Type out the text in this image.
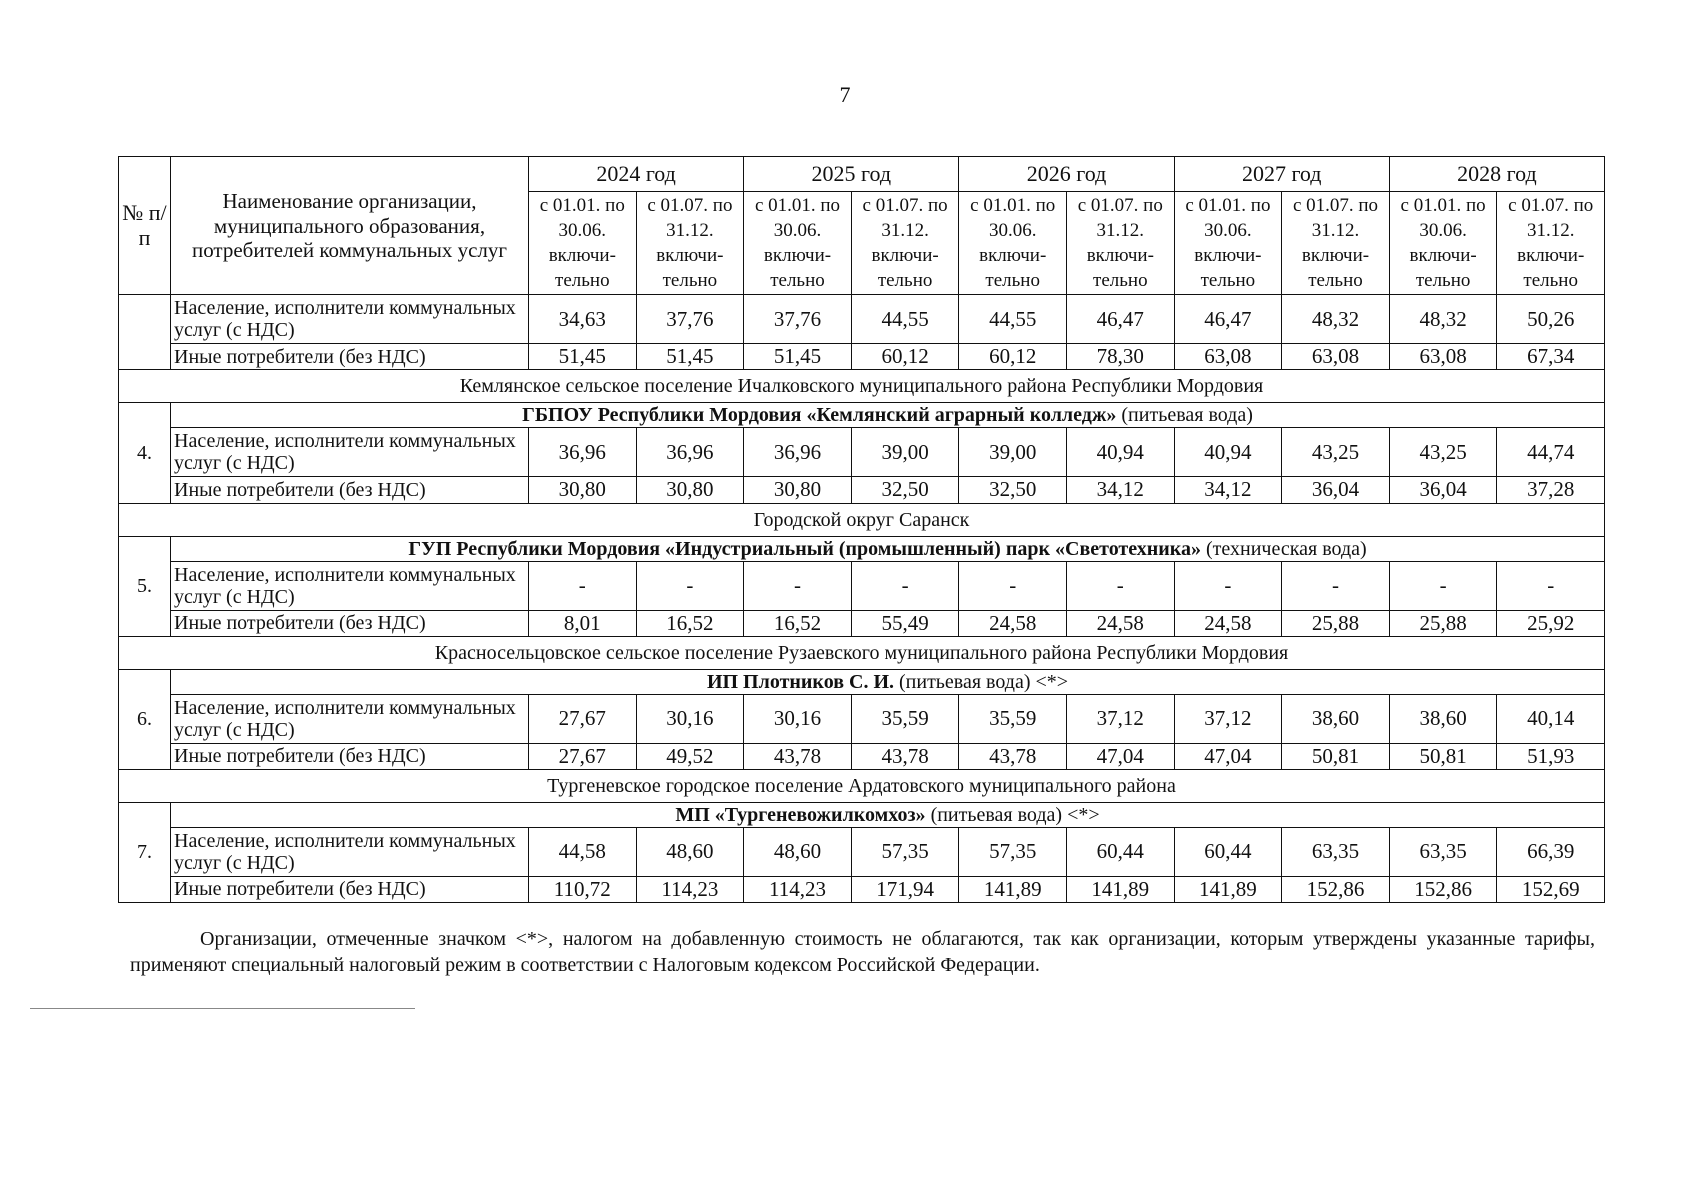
7
№ п/п	Наименование организации, муниципального образования, потребителей коммунальных услуг	2024 год		2025 год		2026 год		2027 год		2028 год	
		с 01.01. по 30.06. включи- тельно	с 01.07. по 31.12. включи- тельно	с 01.01. по 30.06. включи- тельно	с 01.07. по 31.12. включи- тельно	с 01.01. по 30.06. включи- тельно	с 01.07. по 31.12. включи- тельно	с 01.01. по 30.06. включи- тельно	с 01.07. по 31.12. включи- тельно	с 01.01. по 30.06. включи- тельно	с 01.07. по 31.12. включи- тельно
	Население, исполнители коммунальных услуг (с НДС)	34,63	37,76	37,76	44,55	44,55	46,47	46,47	48,32	48,32	50,26
	Иные потребители (без НДС)	51,45	51,45	51,45	60,12	60,12	78,30	63,08	63,08	63,08	67,34
Кемлянское сельское поселение Ичалковского муниципального района Республики Мордовия											
4.	ГБПОУ Республики Мордовия «Кемлянский аграрный колледж» (питьевая вода)										
	Население, исполнители коммунальных услуг (с НДС)	36,96	36,96	36,96	39,00	39,00	40,94	40,94	43,25	43,25	44,74
	Иные потребители (без НДС)	30,80	30,80	30,80	32,50	32,50	34,12	34,12	36,04	36,04	37,28
Городской округ Саранск											
5.	ГУП Республики Мордовия «Индустриальный (промышленный) парк «Светотехника» (техническая вода)										
	Население, исполнители коммунальных услуг (с НДС)	-	-	-	-	-	-	-	-	-	-
	Иные потребители (без НДС)	8,01	16,52	16,52	55,49	24,58	24,58	24,58	25,88	25,88	25,92
Красносельцовское сельское поселение Рузаевского муниципального района Республики Мордовия											
6.	ИП Плотников С. И. (питьевая вода) <*>										
	Население, исполнители коммунальных услуг (с НДС)	27,67	30,16	30,16	35,59	35,59	37,12	37,12	38,60	38,60	40,14
	Иные потребители (без НДС)	27,67	49,52	43,78	43,78	43,78	47,04	47,04	50,81	50,81	51,93
Тургеневское городское поселение Ардатовского муниципального района											
7.	МП «Тургеневожилкомхоз» (питьевая вода) <*>										
	Население, исполнители коммунальных услуг (с НДС)	44,58	48,60	48,60	57,35	57,35	60,44	60,44	63,35	63,35	66,39
	Иные потребители (без НДС)	110,72	114,23	114,23	171,94	141,89	141,89	141,89	152,86	152,86	152,69
Организации, отмеченные значком <*>, налогом на добавленную стоимость не облагаются, так как организации, которым утверждены указанные тарифы, применяют специальный налоговый режим в соответствии с Налоговым кодексом Российской Федерации.
